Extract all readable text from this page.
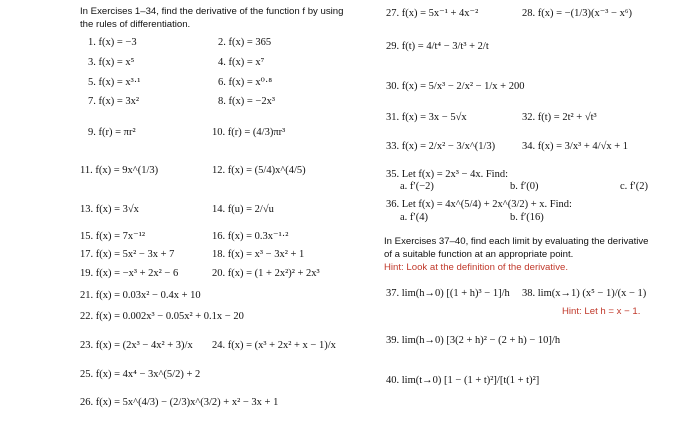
In Exercises 1–34, find the derivative of the function f by using
the rules of differentiation.
1. f(x) = −3	2. f(x) = 365
3. f(x) = x⁵	4. f(x) = x⁷
5. f(x) = x³·¹	6. f(x) = x⁰·⁸
7. f(x) = 3x²	8. f(x) = −2x³
9. f(r) = πr²	10. f(r) = (4/3)πr³
11. f(x) = 9x^(1/3)	12. f(x) = (5/4)x^(4/5)
13. f(x) = 3√x	14. f(u) = 2/√u
15. f(x) = 7x⁻¹²	16. f(x) = 0.3x⁻¹·²
17. f(x) = 5x² − 3x + 7	18. f(x) = x³ − 3x² + 1
19. f(x) = −x³ + 2x² − 6	20. f(x) = (1 + 2x²)² + 2x³
21. f(x) = 0.03x² − 0.4x + 10
22. f(x) = 0.002x³ − 0.05x² + 0.1x − 20
23. f(x) = (2x³ − 4x² + 3)/x 24. f(x) = (x³ + 2x² + x − 1)/x
25. f(x) = 4x⁴ − 3x^(5/2) + 2
26. f(x) = 5x^(4/3) − (2/3)x^(3/2) + x² − 3x + 1
27. f(x) = 5x⁻¹ + 4x⁻²	28. f(x) = −(1/3)(x⁻³ − x⁶)
29. f(t) = 4/t⁴ − 3/t³ + 2/t
30. f(x) = 5/x³ − 2/x² − 1/x + 200
31. f(x) = 3x − 5√x	32. f(t) = 2t² + √t³
33. f(x) = 2/x² − 3/x^(1/3)	34. f(x) = 3/x³ + 4/√x + 1
35. Let f(x) = 2x³ − 4x. Find:
a. f′(−2)	b. f′(0)	c. f′(2)
36. Let f(x) = 4x^(5/4) + 2x^(3/2) + x. Find:
a. f′(4)	b. f′(16)
In Exercises 37–40, find each limit by evaluating the derivative
of a suitable function at an appropriate point.
Hint: Look at the definition of the derivative.
37. lim(h→0) [(1 + h)³ − 1]/h 38. lim(x→1) (x⁵ − 1)/(x − 1)
Hint: Let h = x − 1.
39. lim(h→0) [3(2 + h)² − (2 + h) − 10]/h
40. lim(t→0) [1 − (1 + t)²]/[t(1 + t)²]
